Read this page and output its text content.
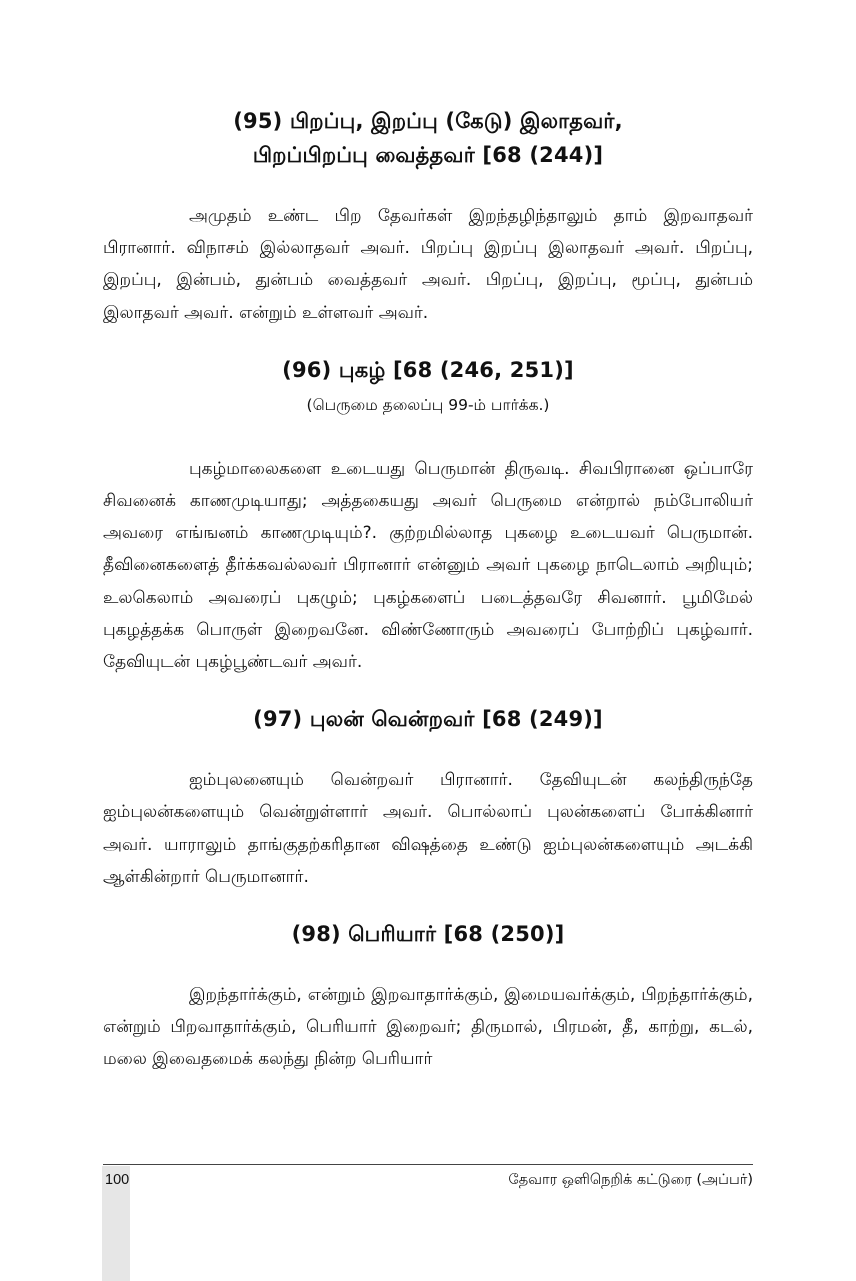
(95) பிறப்பு, இறப்பு (கேடு) இலாதவர்,
பிறப்பிறப்பு வைத்தவர் [68 (244)]

அமுதம் உண்ட பிற தேவர்கள் இறந்தழிந்தாலும் தாம் இறவாதவர் பிரானார். விநாசம் இல்லாதவர் அவர். பிறப்பு இறப்பு இலாதவர் அவர். பிறப்பு, இறப்பு, இன்பம், துன்பம் வைத்தவர் அவர். பிறப்பு, இறப்பு, மூப்பு, துன்பம் இலாதவர் அவர். என்றும் உள்ளவர் அவர்.

(96) புகழ் [68 (246, 251)]
(பெருமை தலைப்பு 99-ம் பார்க்க.)

புகழ்மாலைகளை உடையது பெருமான் திருவடி. சிவபிரானை ஒப்பாரே சிவனைக் காணமுடியாது; அத்தகையது அவர் பெருமை என்றால் நம்போலியர் அவரை எங்ஙனம் காணமுடியும்?. குற்றமில்லாத புகழை உடையவர் பெருமான். தீவினைகளைத் தீர்க்கவல்லவர் பிரானார் என்னும் அவர் புகழை நாடெலாம் அறியும்; உலகெலாம் அவரைப் புகழும்; புகழ்களைப் படைத்தவரே சிவனார். பூமிமேல் புகழத்தக்க பொருள் இறைவனே. விண்ணோரும் அவரைப் போற்றிப் புகழ்வார். தேவியுடன் புகழ்பூண்டவர் அவர்.

(97) புலன் வென்றவர் [68 (249)]

ஐம்புலனையும் வென்றவர் பிரானார். தேவியுடன் கலந்திருந்தே ஐம்புலன்களையும் வென்றுள்ளார் அவர். பொல்லாப் புலன்களைப் போக்கினார் அவர். யாராலும் தாங்குதற்கரிதான விஷத்தை உண்டு ஐம்புலன்களையும் அடக்கி ஆள்கின்றார் பெருமானார்.

(98) பெரியார் [68 (250)]

இறந்தார்க்கும், என்றும் இறவாதார்க்கும், இமையவர்க்கும், பிறந்தார்க்கும், என்றும் பிறவாதார்க்கும், பெரியார் இறைவர்; திருமால், பிரமன், தீ, காற்று, கடல், மலை இவைதமைக் கலந்து நின்ற பெரியார்

100	தேவார ஒளிநெறிக் கட்டுரை (அப்பர்)
